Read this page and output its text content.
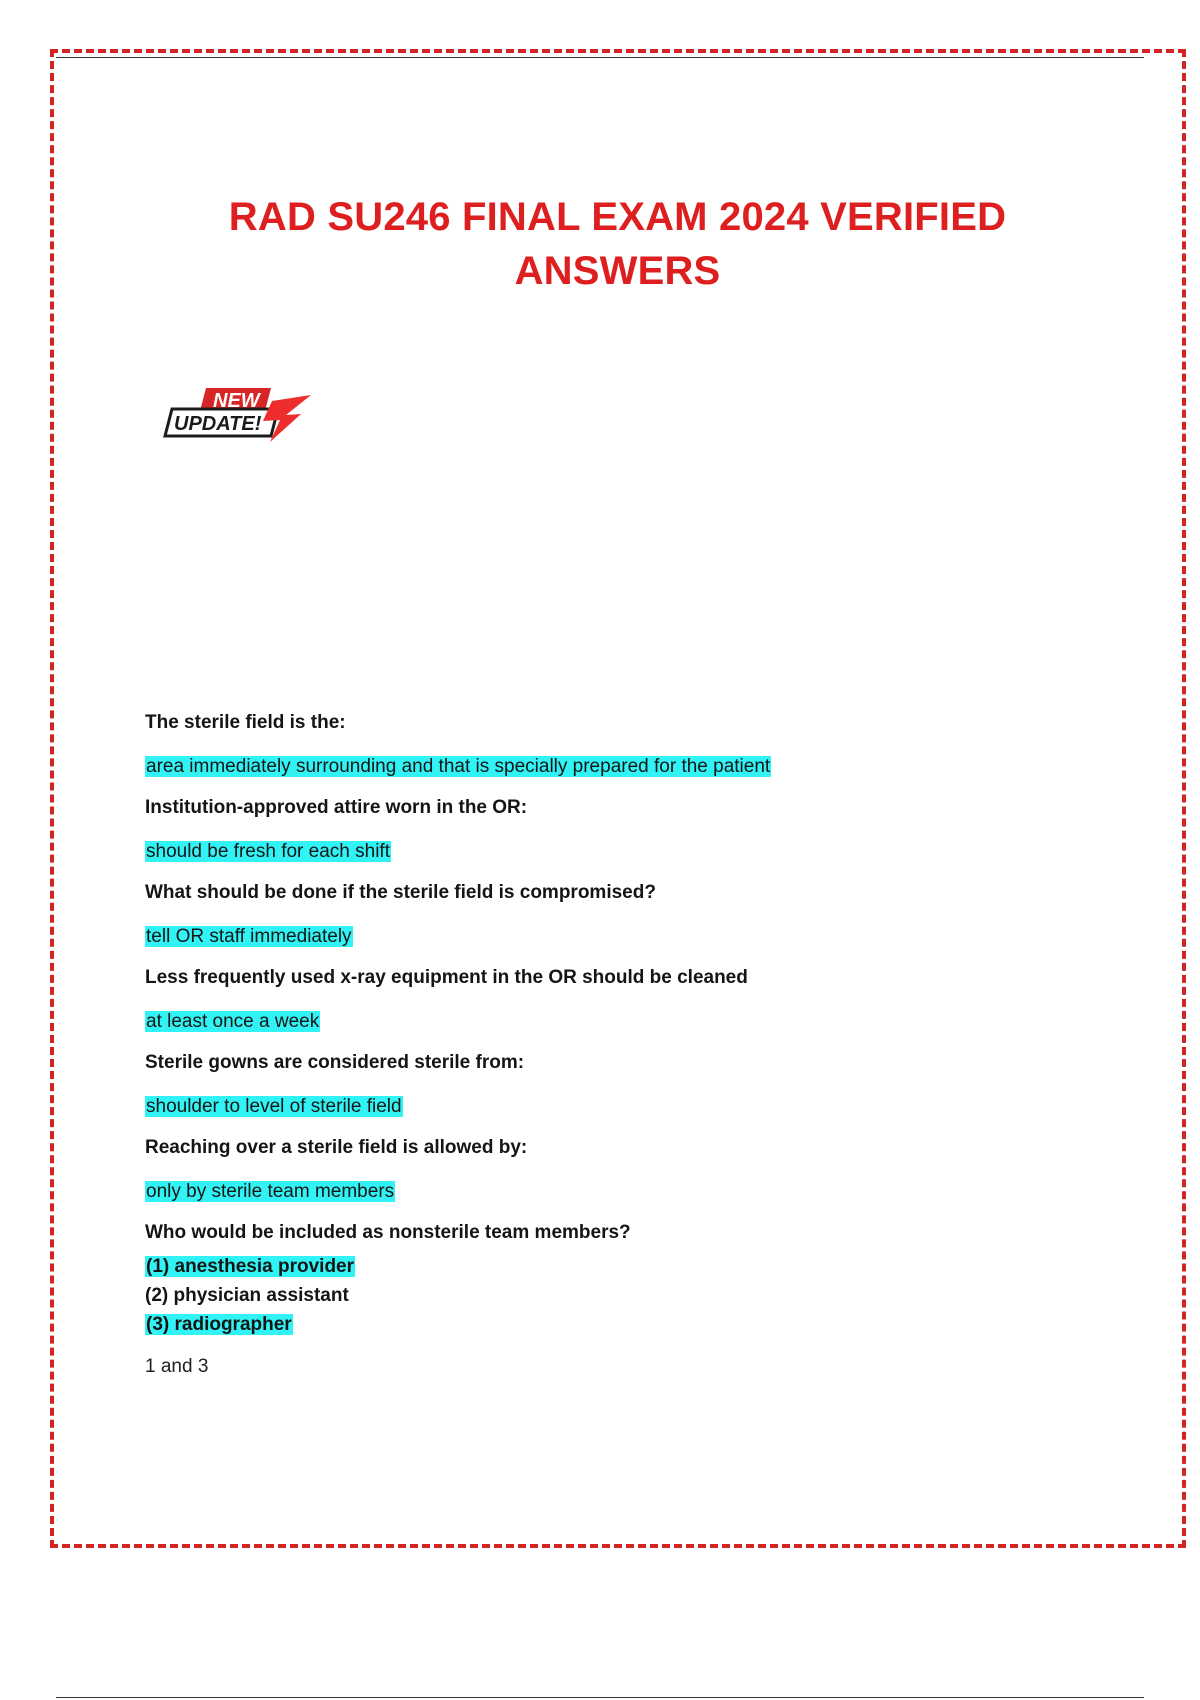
RAD SU246 FINAL EXAM 2024 VERIFIED ANSWERS
NEW
UPDATE!

The sterile field is the:

area immediately surrounding and that is specially prepared for the patient

Institution-approved attire worn in the OR:

should be fresh for each shift

What should be done if the sterile field is compromised?

tell OR staff immediately

Less frequently used x-ray equipment in the OR should be cleaned

at least once a week

Sterile gowns are considered sterile from:

shoulder to level of sterile field

Reaching over a sterile field is allowed by:

only by sterile team members

Who would be included as nonsterile team members?

(1) anesthesia provider
(2) physician assistant
(3) radiographer
1 and 3
